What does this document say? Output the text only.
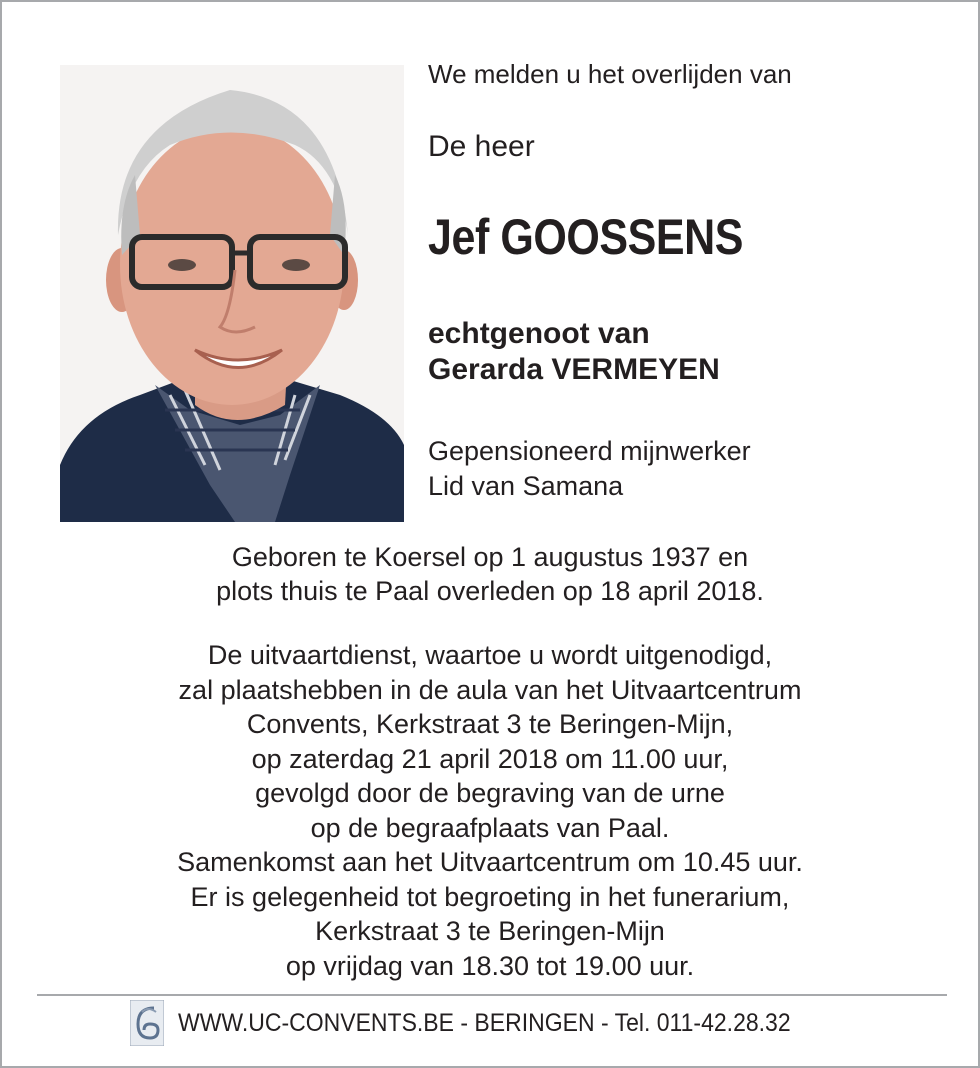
We melden u het overlijden van
De heer
Jef GOOSSENS
echtgenoot van
Gerarda VERMEYEN
Gepensioneerd mijnwerker
Lid van Samana
Geboren te Koersel op 1 augustus 1937 en
plots thuis te Paal overleden op 18 april 2018.
De uitvaartdienst, waartoe u wordt uitgenodigd,
zal plaatshebben in de aula van het Uitvaartcentrum
Convents, Kerkstraat 3 te Beringen-Mijn,
op zaterdag 21 april 2018 om 11.00 uur,
gevolgd door de begraving van de urne
op de begraafplaats van Paal.
Samenkomst aan het Uitvaartcentrum om 10.45 uur.
Er is gelegenheid tot begroeting in het funerarium,
Kerkstraat 3 te Beringen-Mijn
op vrijdag van 18.30 tot 19.00 uur.
WWW.UC-CONVENTS.BE - BERINGEN - Tel. 011-42.28.32
